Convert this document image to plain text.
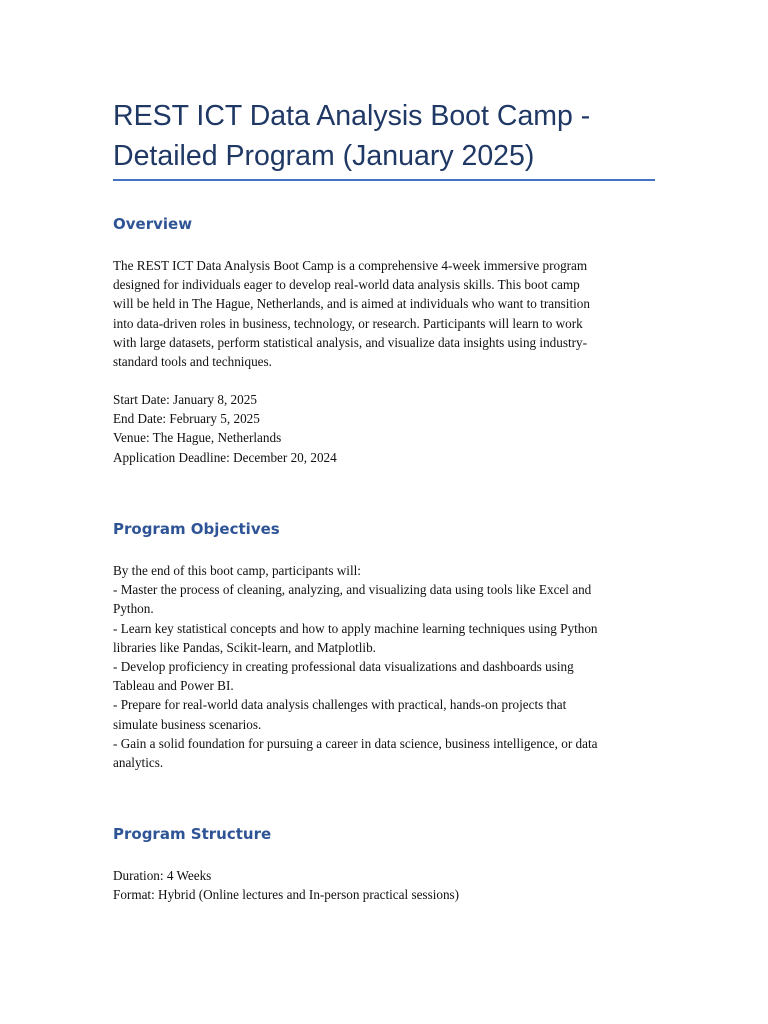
REST ICT Data Analysis Boot Camp - Detailed Program (January 2025)
Overview

The REST ICT Data Analysis Boot Camp is a comprehensive 4-week immersive program
designed for individuals eager to develop real-world data analysis skills. This boot camp
will be held in The Hague, Netherlands, and is aimed at individuals who want to transition
into data-driven roles in business, technology, or research. Participants will learn to work
with large datasets, perform statistical analysis, and visualize data insights using industry-
standard tools and techniques.

Start Date: January 8, 2025
End Date: February 5, 2025
Venue: The Hague, Netherlands
Application Deadline: December 20, 2024

Program Objectives

By the end of this boot camp, participants will:
- Master the process of cleaning, analyzing, and visualizing data using tools like Excel and
Python.
- Learn key statistical concepts and how to apply machine learning techniques using Python
libraries like Pandas, Scikit-learn, and Matplotlib.
- Develop proficiency in creating professional data visualizations and dashboards using
Tableau and Power BI.
- Prepare for real-world data analysis challenges with practical, hands-on projects that
simulate business scenarios.
- Gain a solid foundation for pursuing a career in data science, business intelligence, or data
analytics.

Program Structure

Duration: 4 Weeks
Format: Hybrid (Online lectures and In-person practical sessions)
